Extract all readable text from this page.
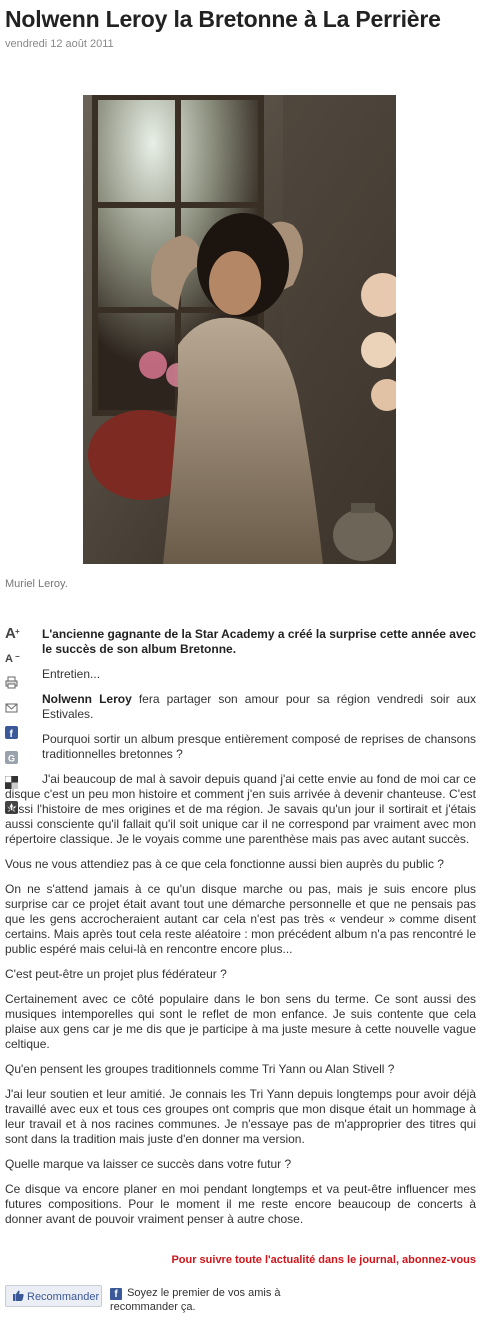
Nolwenn Leroy la Bretonne à La Perrière
vendredi 12 août 2011
Muriel Leroy.
A +
A −
f
G

L'ancienne gagnante de la Star Academy a créé la surprise cette année avec le succès de son album Bretonne.

Entretien...

Nolwenn Leroy fera partager son amour pour sa région vendredi soir aux Estivales.

Pourquoi sortir un album presque entièrement composé de reprises de chansons traditionnelles bretonnes ?

J'ai beaucoup de mal à savoir depuis quand j'ai cette envie au fond de moi car ce disque c'est un peu mon histoire et comment j'en suis arrivée à devenir chanteuse. C'est aussi l'histoire de mes origines et de ma région. Je savais qu'un jour il sortirait et j'étais aussi consciente qu'il fallait qu'il soit unique car il ne correspond par vraiment avec mon répertoire classique. Je le voyais comme une parenthèse mais pas avec autant succès.

Vous ne vous attendiez pas à ce que cela fonctionne aussi bien auprès du public ?

On ne s'attend jamais à ce qu'un disque marche ou pas, mais je suis encore plus surprise car ce projet était avant tout une démarche personnelle et que ne pensais pas que les gens accrocheraient autant car cela n'est pas très « vendeur » comme disent certains. Mais après tout cela reste aléatoire : mon précédent album n'a pas rencontré le public espéré mais celui-là en rencontre encore plus...

C'est peut-être un projet plus fédérateur ?

Certainement avec ce côté populaire dans le bon sens du terme. Ce sont aussi des musiques intemporelles qui sont le reflet de mon enfance. Je suis contente que cela plaise aux gens car je me dis que je participe à ma juste mesure à cette nouvelle vague celtique.

Qu'en pensent les groupes traditionnels comme Tri Yann ou Alan Stivell ?

J'ai leur soutien et leur amitié. Je connais les Tri Yann depuis longtemps pour avoir déjà travaillé avec eux et tous ces groupes ont compris que mon disque était un hommage à leur travail et à nos racines communes. Je n'essaye pas de m'approprier des titres qui sont dans la tradition mais juste d'en donner ma version.

Quelle marque va laisser ce succès dans votre futur ?

Ce disque va encore planer en moi pendant longtemps et va peut-être influencer mes futures compositions. Pour le moment il me reste encore beaucoup de concerts à donner avant de pouvoir vraiment penser à autre chose.

Pour suivre toute l'actualité dans le journal, abonnez-vous
Recommander	f Soyez le premier de vos amis à recommander ça.
